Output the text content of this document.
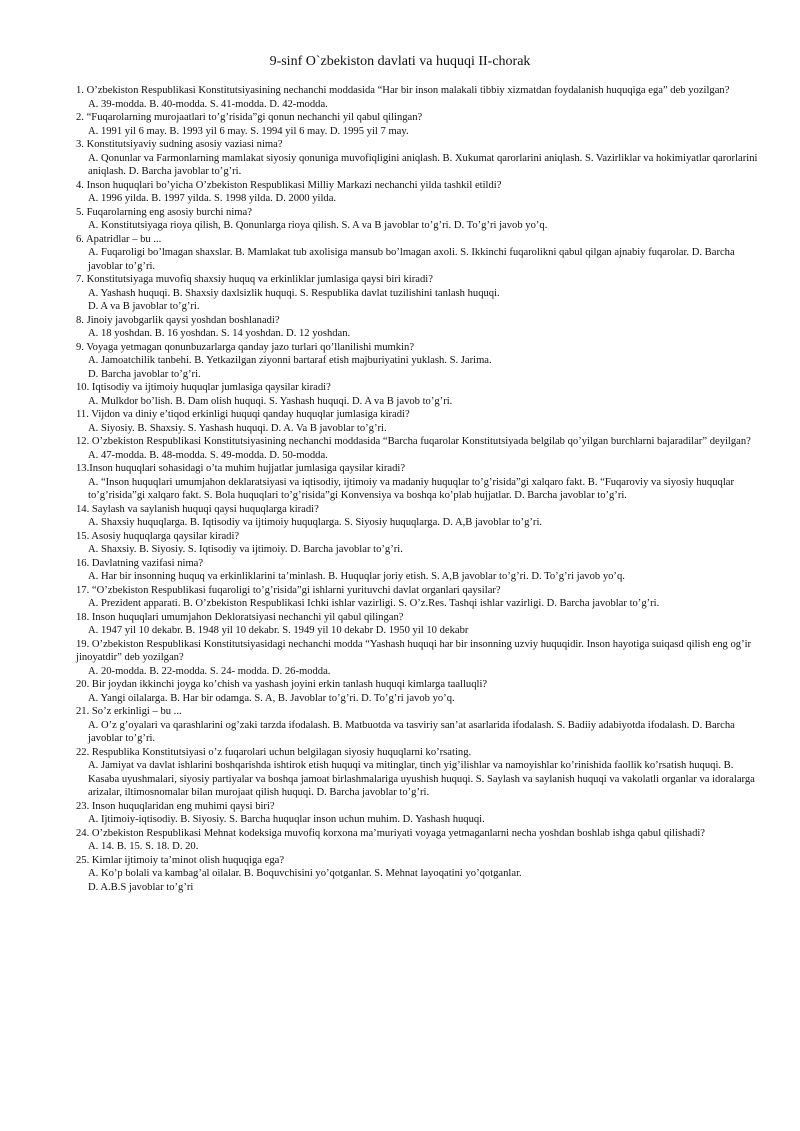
9-sinf O`zbekiston davlati va huquqi II-chorak

1. O’zbekiston Respublikasi Konstitutsiyasining nechanchi moddasida “Har bir inson malakali tibbiy xizmatdan foydalanish huquqiga ega” deb yozilgan?

A. 39-modda. B. 40-modda. S. 41-modda. D. 42-modda.

2. “Fuqarolarning murojaatlari to’g’risida”gi qonun nechanchi yil qabul qilingan?

A. 1991 yil 6 may. B. 1993 yil 6 may. S. 1994 yil 6 may. D. 1995 yil 7 may.

3. Konstitutsiyaviy sudning asosiy vaziasi nima?

A. Qonunlar va Farmonlarning mamlakat siyosiy qonuniga muvofiqligini aniqlash. B. Xukumat qarorlarini aniqlash. S. Vazirliklar va hokimiyatlar qarorlarini aniqlash. D. Barcha javoblar to’g’ri.

4. Inson huquqlari bo’yicha O’zbekiston Respublikasi Milliy Markazi nechanchi yilda tashkil etildi?

A. 1996 yilda. B. 1997 yilda. S. 1998 yilda. D. 2000 yilda.

5. Fuqarolarning eng asosiy burchi nima?

A. Konstitutsiyaga rioya qilish, B. Qonunlarga rioya qilish. S. A va B javoblar to’g’ri. D. To’g’ri javob yo’q.

6. Apatridlar – bu ...

A. Fuqaroligi bo’lmagan shaxslar. B. Mamlakat tub axolisiga mansub bo’lmagan axoli. S. Ikkinchi fuqarolikni qabul qilgan ajnabiy fuqarolar. D. Barcha javoblar to’g’ri.

7. Konstitutsiyaga muvofiq shaxsiy huquq va erkinliklar jumlasiga qaysi biri kiradi?

A. Yashash huquqi. B. Shaxsiy daxlsizlik huquqi. S. Respublika davlat tuzilishini tanlash huquqi.

D. A va B javoblar to’g’ri.

8. Jinoiy javobgarlik qaysi yoshdan boshlanadi?

A. 18 yoshdan. B. 16 yoshdan. S. 14 yoshdan. D. 12 yoshdan.

9. Voyaga yetmagan qonunbuzarlarga qanday jazo turlari qo’llanilishi mumkin?

A. Jamoatchilik tanbehi. B. Yetkazilgan ziyonni bartaraf etish majburiyatini yuklash. S. Jarima.

D. Barcha javoblar to’g’ri.

10. Iqtisodiy va ijtimoiy huquqlar jumlasiga qaysilar kiradi?

A. Mulkdor bo’lish. B. Dam olish huquqi. S. Yashash huquqi. D. A va B javob to’g’ri.

11. Vijdon va diniy e’tiqod erkinligi huquqi qanday huquqlar jumlasiga kiradi?

A. Siyosiy. B. Shaxsiy. S. Yashash huquqi. D. A. Va B javoblar to’g’ri.

12. O’zbekiston Respublikasi Konstitutsiyasining nechanchi moddasida “Barcha fuqarolar Konstitutsiyada belgilab qo’yilgan burchlarni bajaradilar” deyilgan?

A. 47-modda. B. 48-modda. S. 49-modda. D. 50-modda.

13.Inson huquqlari sohasidagi o’ta muhim hujjatlar jumlasiga qaysilar kiradi?

A. “Inson huquqlari umumjahon deklaratsiyasi va iqtisodiy, ijtimoiy va madaniy huquqlar to’g’risida”gi xalqaro fakt. B. “Fuqaroviy va siyosiy huquqlar to’g’risida”gi xalqaro fakt. S. Bola huquqlari to’g’risida”gi Konvensiya va boshqa ko’plab hujjatlar. D. Barcha javoblar to’g’ri.

14. Saylash va saylanish huquqi qaysi huquqlarga kiradi?

A. Shaxsiy huquqlarga. B. Iqtisodiy va ijtimoiy huquqlarga. S. Siyosiy huquqlarga. D. A,B javoblar to’g’ri.

15. Asosiy huquqlarga qaysilar kiradi?

A. Shaxsiy. B. Siyosiy. S. Iqtisodiy va ijtimoiy. D. Barcha javoblar to’g’ri.

16. Davlatning vazifasi nima?

A. Har bir insonning huquq va erkinliklarini ta’minlash. B. Huquqlar joriy etish. S. A,B javoblar to’g’ri. D. To’g’ri javob yo’q.

17. “O’zbekiston Respublikasi fuqaroligi to’g’risida”gi ishlarni yurituvchi davlat organlari qaysilar?

A. Prezident apparati. B. O’zbekiston Respublikasi Ichki ishlar vazirligi. S. O’z.Res. Tashqi ishlar vazirligi. D. Barcha javoblar to’g’ri.

18. Inson huquqlari umumjahon Dekloratsiyasi nechanchi yil qabul qilingan?

A. 1947 yil 10 dekabr. B. 1948 yil 10 dekabr. S. 1949 yil 10 dekabr D. 1950 yil 10 dekabr

19. O’zbekiston Respublikasi Konstitutsiyasidagi nechanchi modda “Yashash huquqi har bir insonning uzviy huquqidir. Inson hayotiga suiqasd qilish eng og’ir jinoyatdir” deb yozilgan?

A. 20-modda. B. 22-modda. S. 24- modda. D. 26-modda.

20. Bir joydan ikkinchi joyga ko’chish va yashash joyini erkin tanlash huquqi kimlarga taalluqli?

A. Yangi oilalarga. B. Har bir odamga. S. A, B. Javoblar to’g’ri. D. To’g’ri javob yo’q.

21. So’z erkinligi – bu ...

A. O’z g’oyalari va qarashlarini og’zaki tarzda ifodalash. B. Matbuotda va tasviriy san’at asarlarida ifodalash. S. Badiiy adabiyotda ifodalash. D. Barcha javoblar to’g’ri.

22. Respublika Konstitutsiyasi o’z fuqarolari uchun belgilagan siyosiy huquqlarni ko’rsating.

A. Jamiyat va davlat ishlarini boshqarishda ishtirok etish huquqi va mitinglar, tinch yig’ilishlar va namoyishlar ko’rinishida faollik ko’rsatish huquqi. B. Kasaba uyushmalari, siyosiy partiyalar va boshqa jamoat birlashmalariga uyushish huquqi. S. Saylash va saylanish huquqi va vakolatli organlar va idoralarga arizalar, iltimosnomalar bilan murojaat qilish huquqi. D. Barcha javoblar to’g’ri.

23. Inson huquqlaridan eng muhimi qaysi biri?

A. Ijtimoiy-iqtisodiy. B. Siyosiy. S. Barcha huquqlar inson uchun muhim. D. Yashash huquqi.

24. O’zbekiston Respublikasi Mehnat kodeksiga muvofiq korxona ma’muriyati voyaga yetmaganlarni necha yoshdan boshlab ishga qabul qilishadi?

A. 14. B. 15. S. 18. D. 20.

25. Kimlar ijtimoiy ta’minot olish huquqiga ega?

A. Ko’p bolali va kambag’al oilalar. B. Boquvchisini yo’qotganlar. S. Mehnat layoqatini yo’qotganlar.

D. A.B.S javoblar to’g’ri
